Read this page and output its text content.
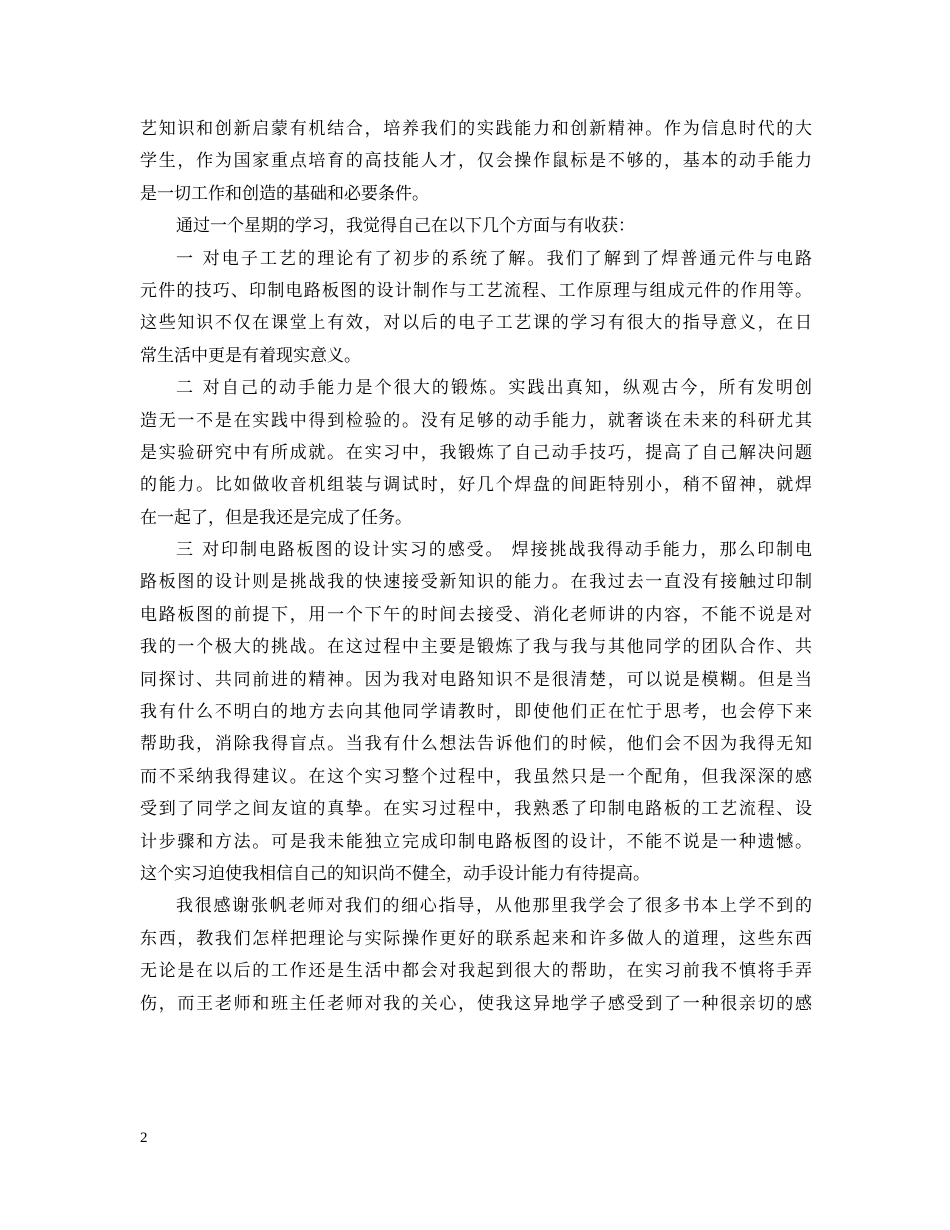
艺知识和创新启蒙有机结合，培养我们的实践能力和创新精神。作为信息时代的大
学生，作为国家重点培育的高技能人才，仅会操作鼠标是不够的，基本的动手能力
是一切工作和创造的基础和必要条件。
通过一个星期的学习，我觉得自己在以下几个方面与有收获：
一 对电子工艺的理论有了初步的系统了解。我们了解到了焊普通元件与电路
元件的技巧、印制电路板图的设计制作与工艺流程、工作原理与组成元件的作用等。
这些知识不仅在课堂上有效，对以后的电子工艺课的学习有很大的指导意义，在日
常生活中更是有着现实意义。
二 对自己的动手能力是个很大的锻炼。实践出真知，纵观古今，所有发明创
造无一不是在实践中得到检验的。没有足够的动手能力，就奢谈在未来的科研尤其
是实验研究中有所成就。在实习中，我锻炼了自己动手技巧，提高了自己解决问题
的能力。比如做收音机组装与调试时，好几个焊盘的间距特别小，稍不留神，就焊
在一起了，但是我还是完成了任务。
三 对印制电路板图的设计实习的感受。 焊接挑战我得动手能力，那么印制电
路板图的设计则是挑战我的快速接受新知识的能力。在我过去一直没有接触过印制
电路板图的前提下，用一个下午的时间去接受、消化老师讲的内容，不能不说是对
我的一个极大的挑战。在这过程中主要是锻炼了我与我与其他同学的团队合作、共
同探讨、共同前进的精神。因为我对电路知识不是很清楚，可以说是模糊。但是当
我有什么不明白的地方去向其他同学请教时，即使他们正在忙于思考，也会停下来
帮助我，消除我得盲点。当我有什么想法告诉他们的时候，他们会不因为我得无知
而不采纳我得建议。在这个实习整个过程中，我虽然只是一个配角，但我深深的感
受到了同学之间友谊的真挚。在实习过程中，我熟悉了印制电路板的工艺流程、设
计步骤和方法。可是我未能独立完成印制电路板图的设计，不能不说是一种遗憾。
这个实习迫使我相信自己的知识尚不健全，动手设计能力有待提高。
我很感谢张帆老师对我们的细心指导，从他那里我学会了很多书本上学不到的
东西，教我们怎样把理论与实际操作更好的联系起来和许多做人的道理，这些东西
无论是在以后的工作还是生活中都会对我起到很大的帮助，在实习前我不慎将手弄
伤，而王老师和班主任老师对我的关心，使我这异地学子感受到了一种很亲切的感
2
